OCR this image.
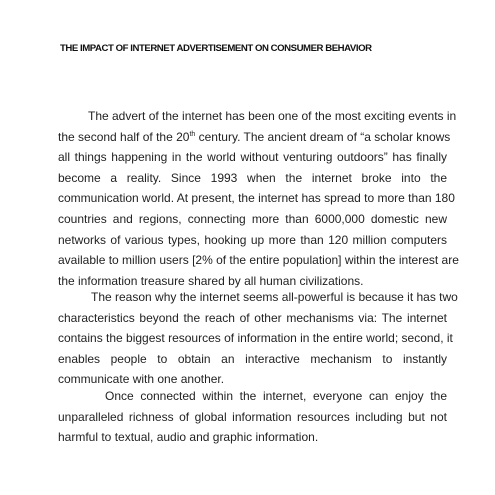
THE IMPACT OF INTERNET ADVERTISEMENT ON CONSUMER BEHAVIOR
The advert of the internet has been one of the most exciting events in
the second half of the 20th century. The ancient dream of “a scholar knows
all things happening in the world without venturing outdoors” has finally
become a reality. Since 1993 when the internet broke into the
communication world. At present, the internet has spread to more than 180
countries and regions, connecting more than 6000,000 domestic new
networks of various types, hooking up more than 120 million computers
available to million users [2% of the entire population] within the interest are
the information treasure shared by all human civilizations.
The reason why the internet seems all-powerful is because it has two
characteristics beyond the reach of other mechanisms via: The internet
contains the biggest resources of information in the entire world; second, it
enables people to obtain an interactive mechanism to instantly
communicate with one another.
Once connected within the internet, everyone can enjoy the
unparalleled richness of global information resources including but not
harmful to textual, audio and graphic information.
